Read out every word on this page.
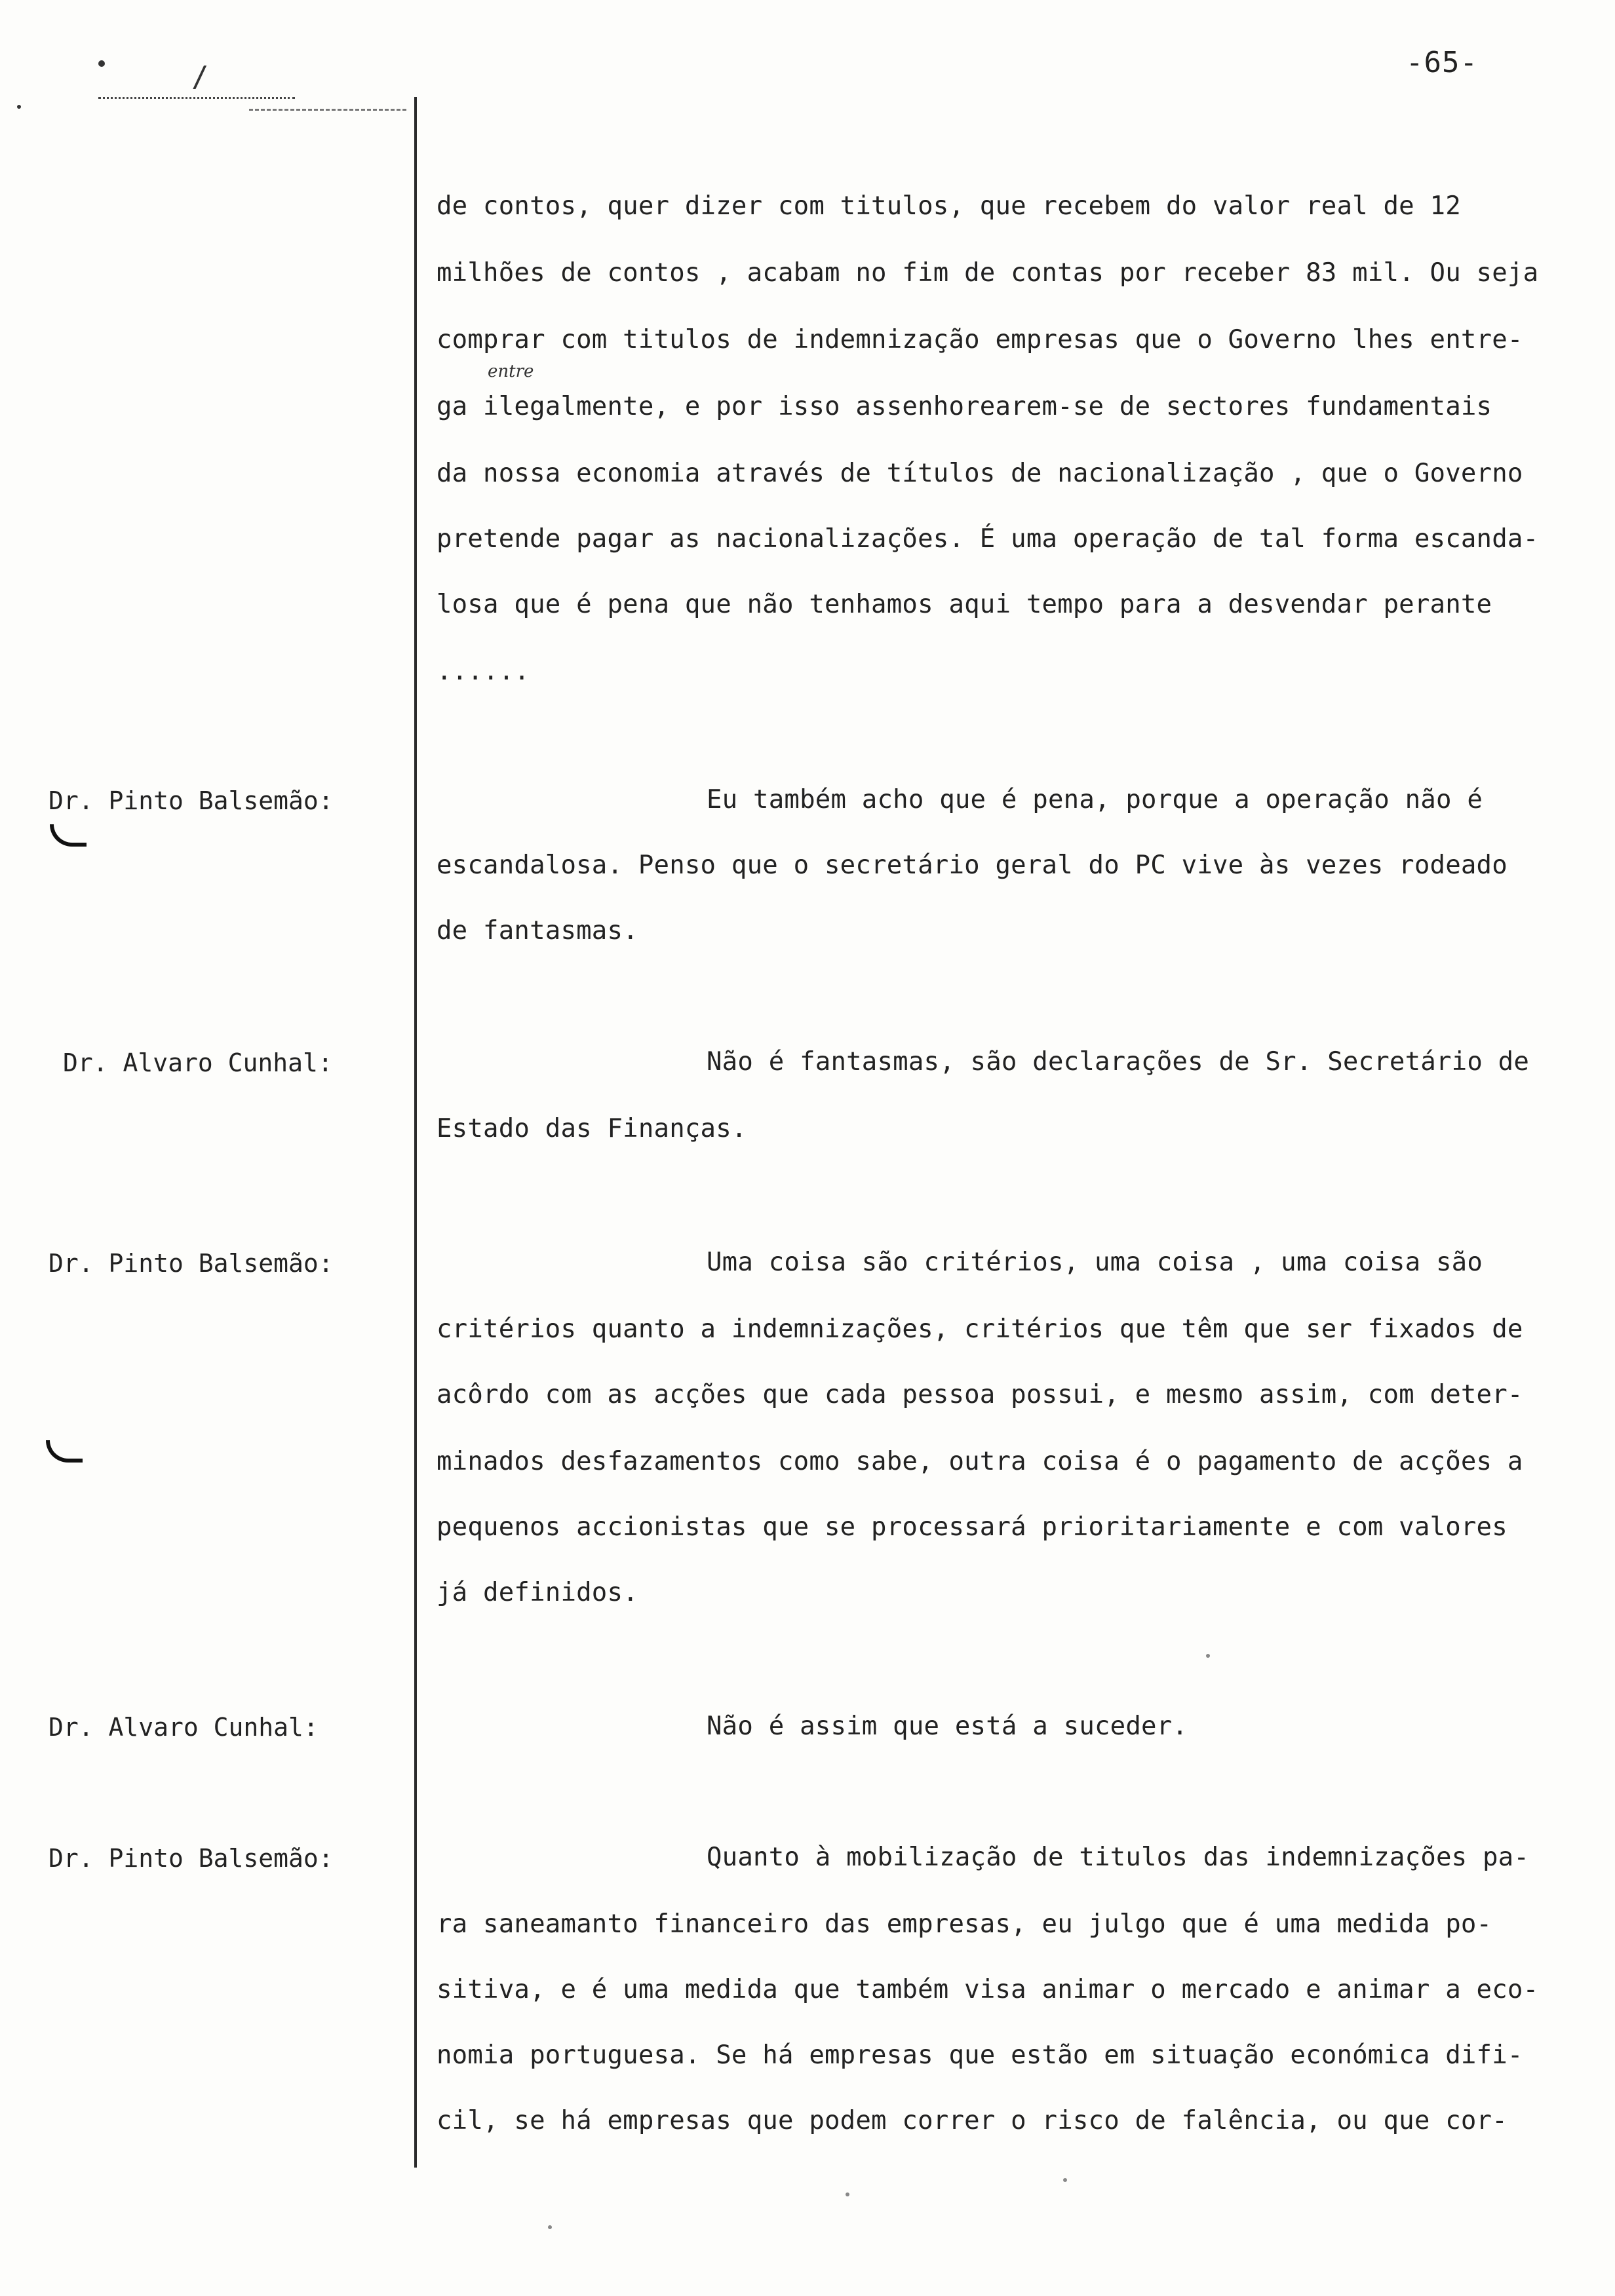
-65-
/
de contos, quer dizer com titulos, que recebem do valor real de 12
milhões de contos , acabam no fim de contas por receber 83 mil. Ou seja
comprar com titulos de indemnização empresas que o Governo lhes entre-
entre
ga ilegalmente, e por isso assenhorearem-se de sectores fundamentais
da nossa economia através de títulos de nacionalização , que o Governo
pretende pagar as nacionalizações. É uma operação de tal forma escanda-
losa que é pena que não tenhamos aqui tempo para a desvendar perante
......
Dr. Pinto Balsemão:	Eu também acho que é pena, porque a operação não é
escandalosa. Penso que o secretário geral do PC vive às vezes rodeado
de fantasmas.
Dr. Alvaro Cunhal:	Não é fantasmas, são declarações de Sr. Secretário de
Estado das Finanças.
Dr. Pinto Balsemão:	Uma coisa são critérios, uma coisa , uma coisa são
critérios quanto a indemnizações, critérios que têm que ser fixados de
acôrdo com as acções que cada pessoa possui, e mesmo assim, com deter-
minados desfazamentos como sabe, outra coisa é o pagamento de acções a
pequenos accionistas que se processará prioritariamente e com valores
já definidos.
Dr. Alvaro Cunhal:	Não é assim que está a suceder.
Dr. Pinto Balsemão:	Quanto à mobilização de titulos das indemnizações pa-
ra saneamanto financeiro das empresas, eu julgo que é uma medida po-
sitiva, e é uma medida que também visa animar o mercado e animar a eco-
nomia portuguesa. Se há empresas que estão em situação económica difi-
cil, se há empresas que podem correr o risco de falência, ou que cor-
